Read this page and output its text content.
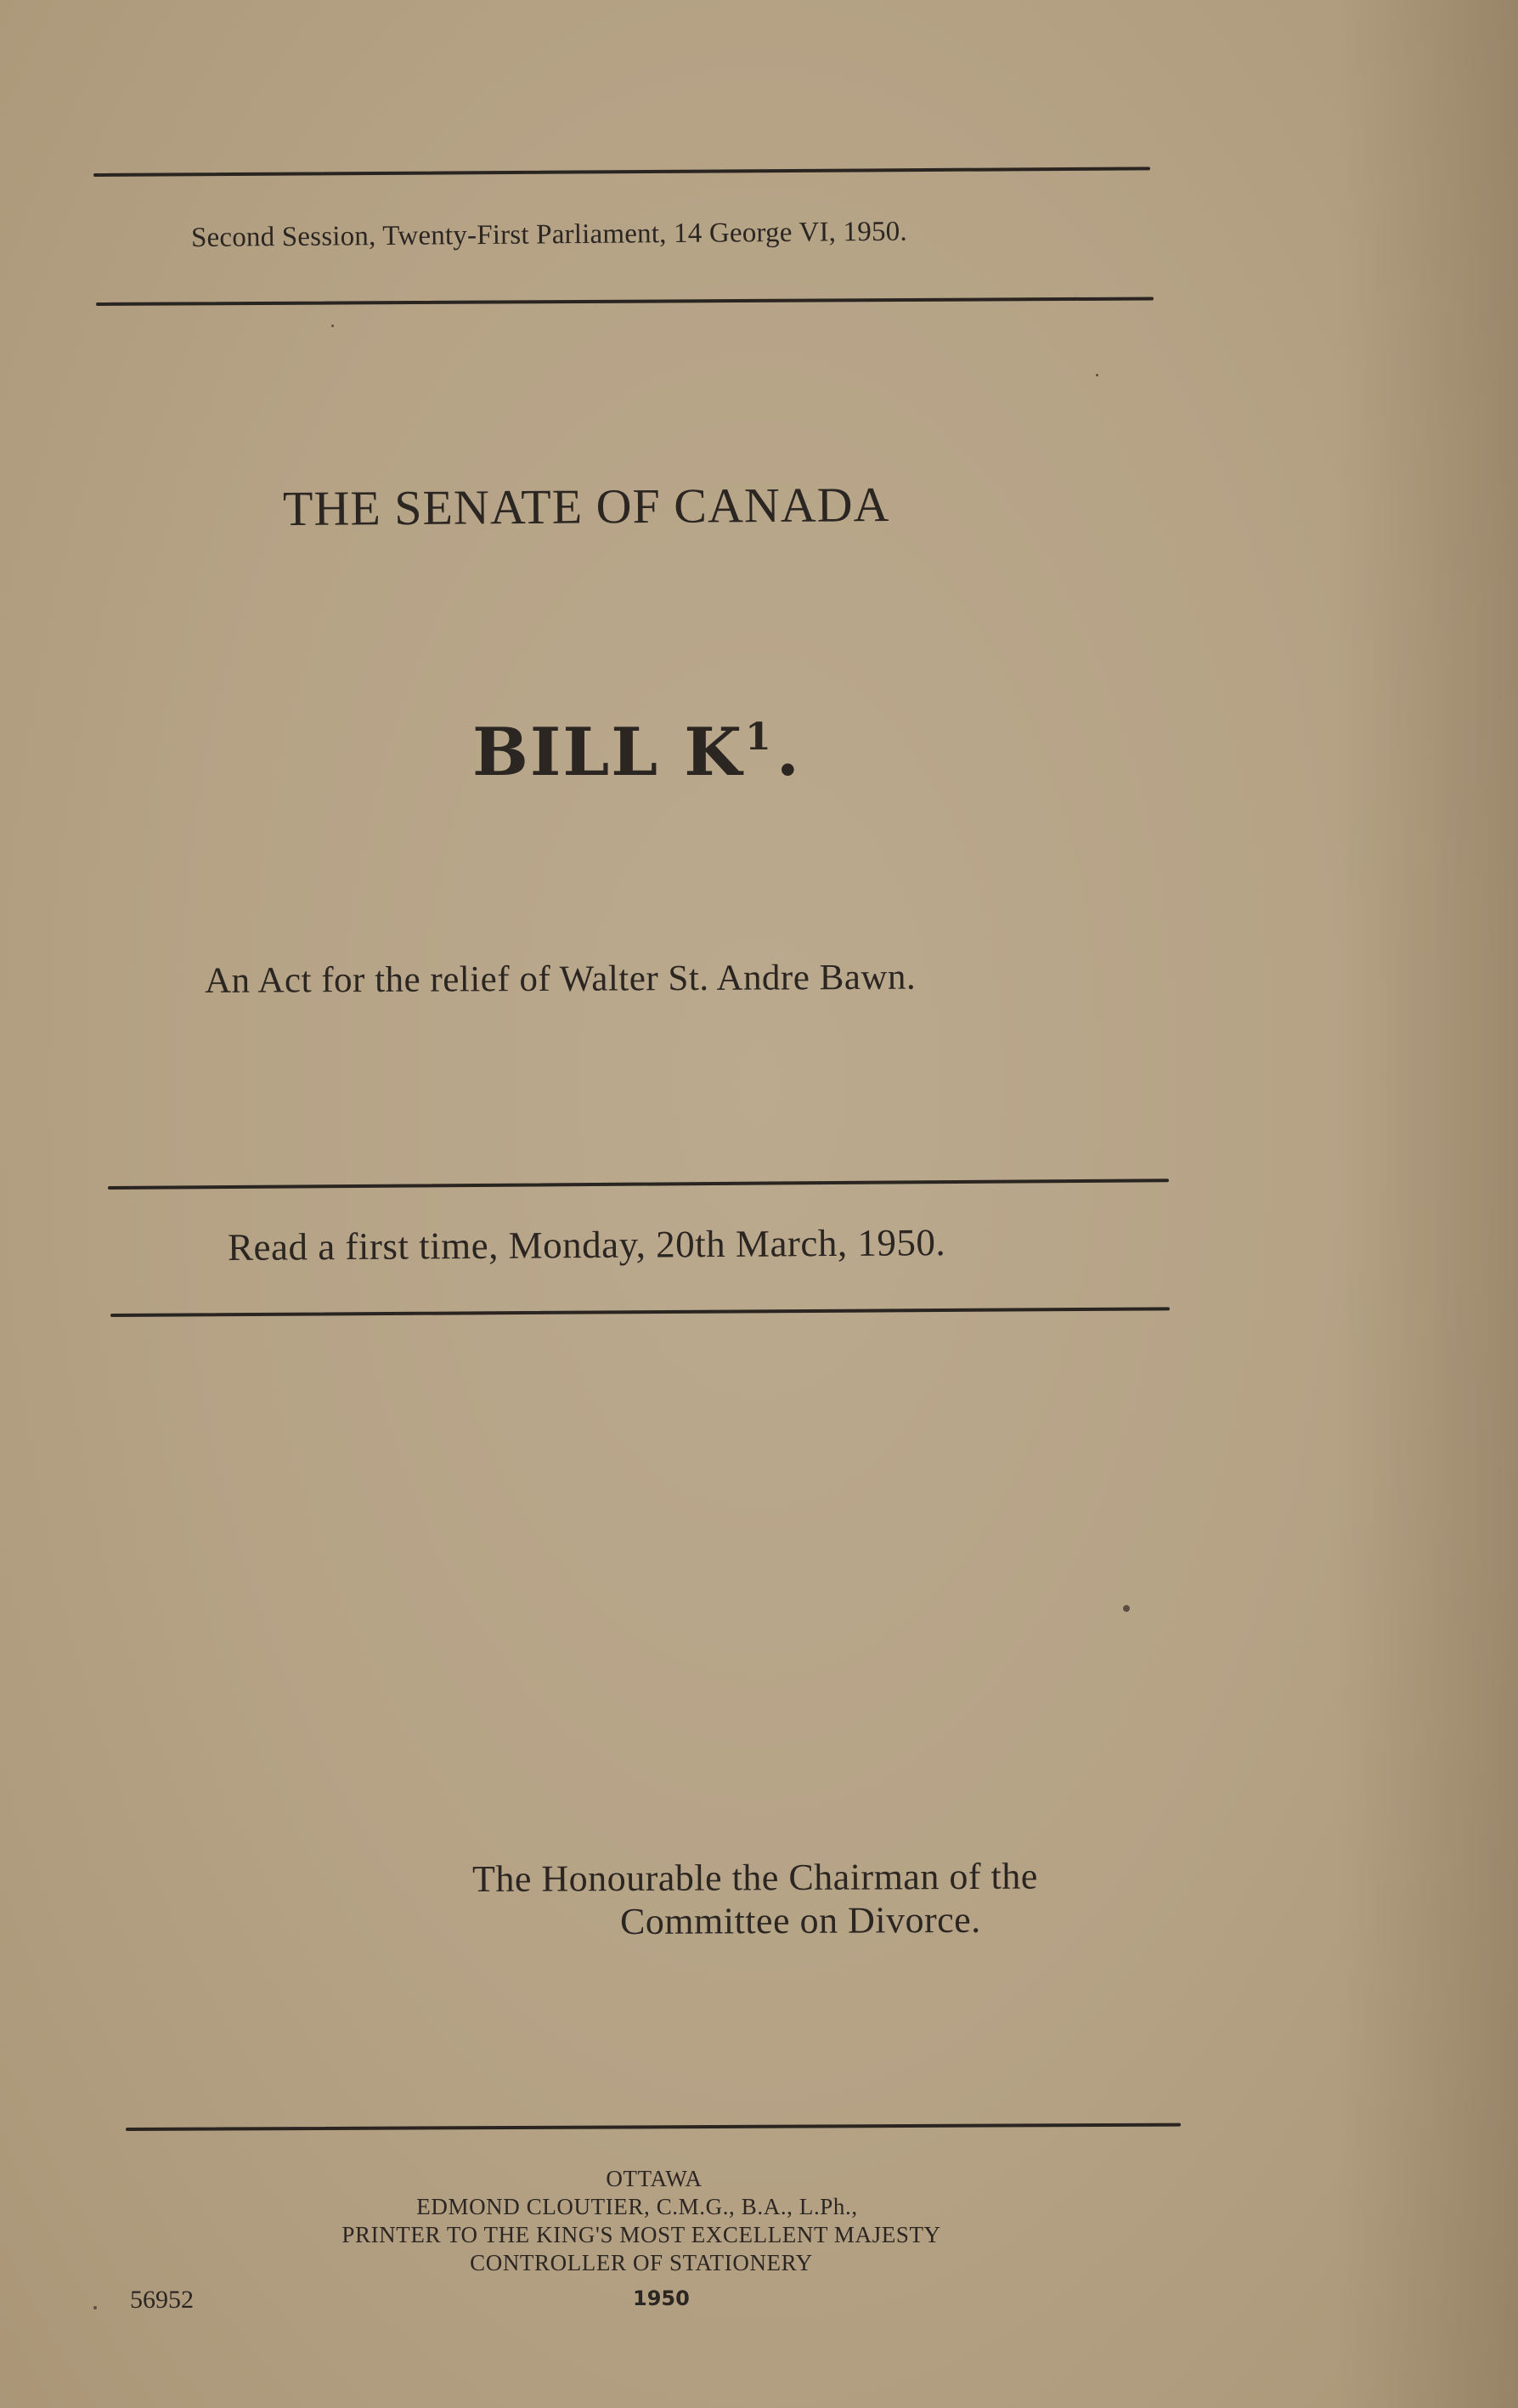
Second Session, Twenty-First Parliament, 14 George VI, 1950.
THE SENATE OF CANADA
BILL $K^1$.
An Act for the relief of Walter St. Andre Bawn.
Read a first time, Monday, 20th March, 1950.
The Honourable the Chairman of the
Committee on Divorce.
OTTAWA
EDMOND CLOUTIER, C.M.G., B.A., L.Ph.,
PRINTER TO THE KING'S MOST EXCELLENT MAJESTY
CONTROLLER OF STATIONERY
1950
56952
